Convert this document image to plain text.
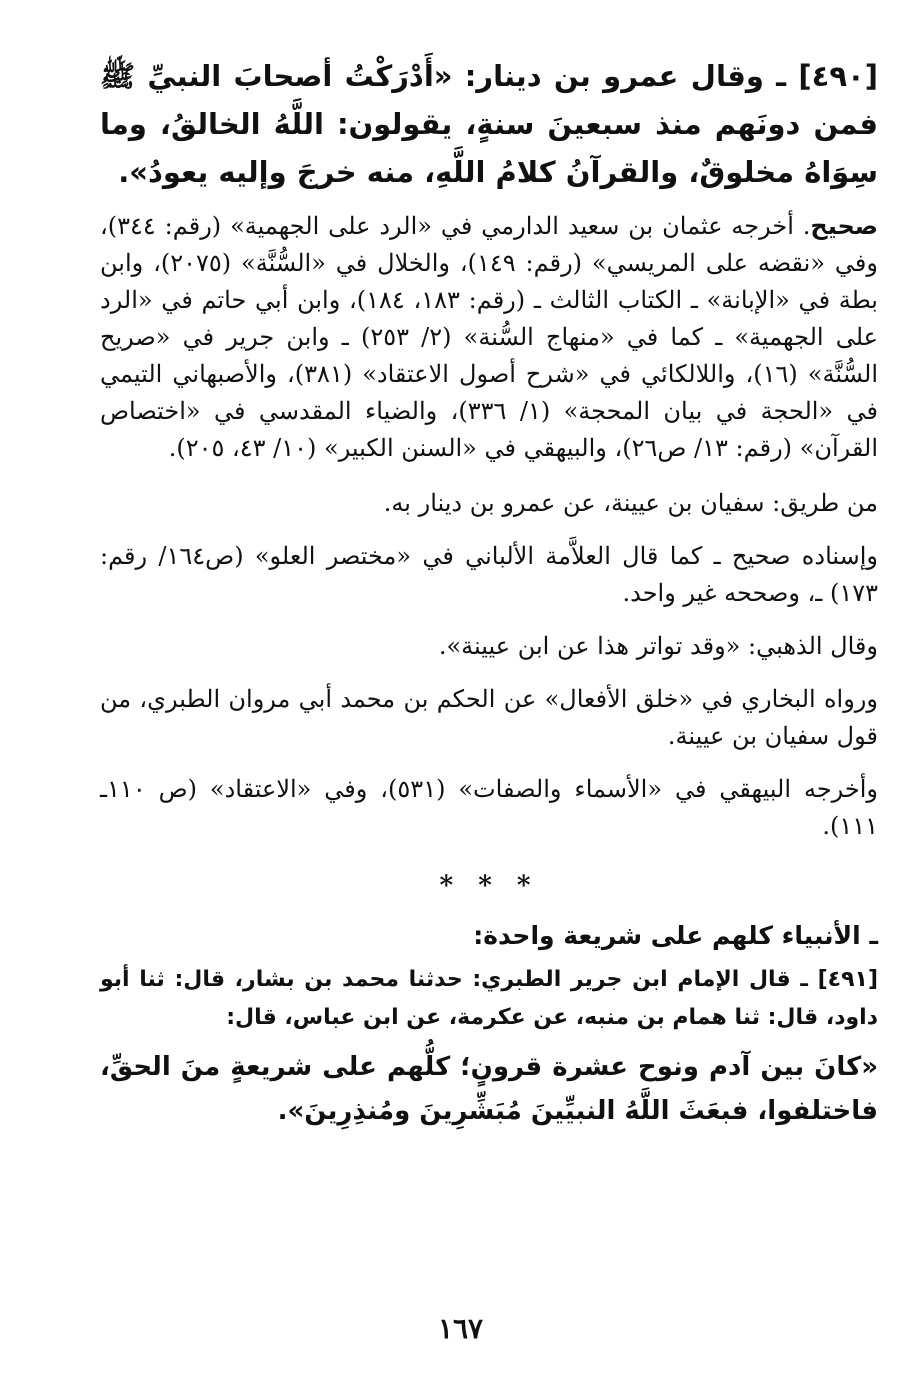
[٤٩٠] ـ وقال عمرو بن دينار: «أَدْرَكْتُ أصحابَ النبيِّ ﷺ فمن دونَهم منذ سبعينَ سنةٍ، يقولون: اللَّهُ الخالقُ، وما سِوَاهُ مخلوقٌ، والقرآنُ كلامُ اللَّهِ، منه خرجَ وإليه يعودُ».

صحيح. أخرجه عثمان بن سعيد الدارمي في «الرد على الجهمية» (رقم: ٣٤٤)، وفي «نقضه على المريسي» (رقم: ١٤٩)، والخلال في «السُّنَّة» (٢٠٧٥)، وابن بطة في «الإبانة» ـ الكتاب الثالث ـ (رقم: ١٨٣، ١٨٤)، وابن أبي حاتم في «الرد على الجهمية» ـ كما في «منهاج السُّنة» (٢/ ٢٥٣) ـ وابن جرير في «صريح السُّنَّة» (١٦)، واللالكائي في «شرح أصول الاعتقاد» (٣٨١)، والأصبهاني التيمي في «الحجة في بيان المحجة» (١/ ٣٣٦)، والضياء المقدسي في «اختصاص القرآن» (رقم: ١٣/ ص٢٦)، والبيهقي في «السنن الكبير» (١٠/ ٤٣، ٢٠٥).

من طريق: سفيان بن عيينة، عن عمرو بن دينار به.

وإسناده صحيح ـ كما قال العلاَّمة الألباني في «مختصر العلو» (ص١٦٤/ رقم: ١٧٣) ـ، وصححه غير واحد.

وقال الذهبي: «وقد تواتر هذا عن ابن عيينة».

ورواه البخاري في «خلق الأفعال» عن الحكم بن محمد أبي مروان الطبري، من قول سفيان بن عيينة.

وأخرجه البيهقي في «الأسماء والصفات» (٥٣١)، وفي «الاعتقاد» (ص ١١٠ـ ١١١).

* * *

ـ الأنبياء كلهم على شريعة واحدة:

[٤٩١] ـ قال الإمام ابن جرير الطبري: حدثنا محمد بن بشار، قال: ثنا أبو داود، قال: ثنا همام بن منبه، عن عكرمة، عن ابن عباس، قال:

«كانَ بين آدم ونوح عشرة قرونٍ؛ كلُّهم على شريعةٍ منَ الحقِّ، فاختلفوا، فبعَثَ اللَّهُ النبيِّينَ مُبَشِّرِينَ ومُنذِرِينَ».

١٦٧
